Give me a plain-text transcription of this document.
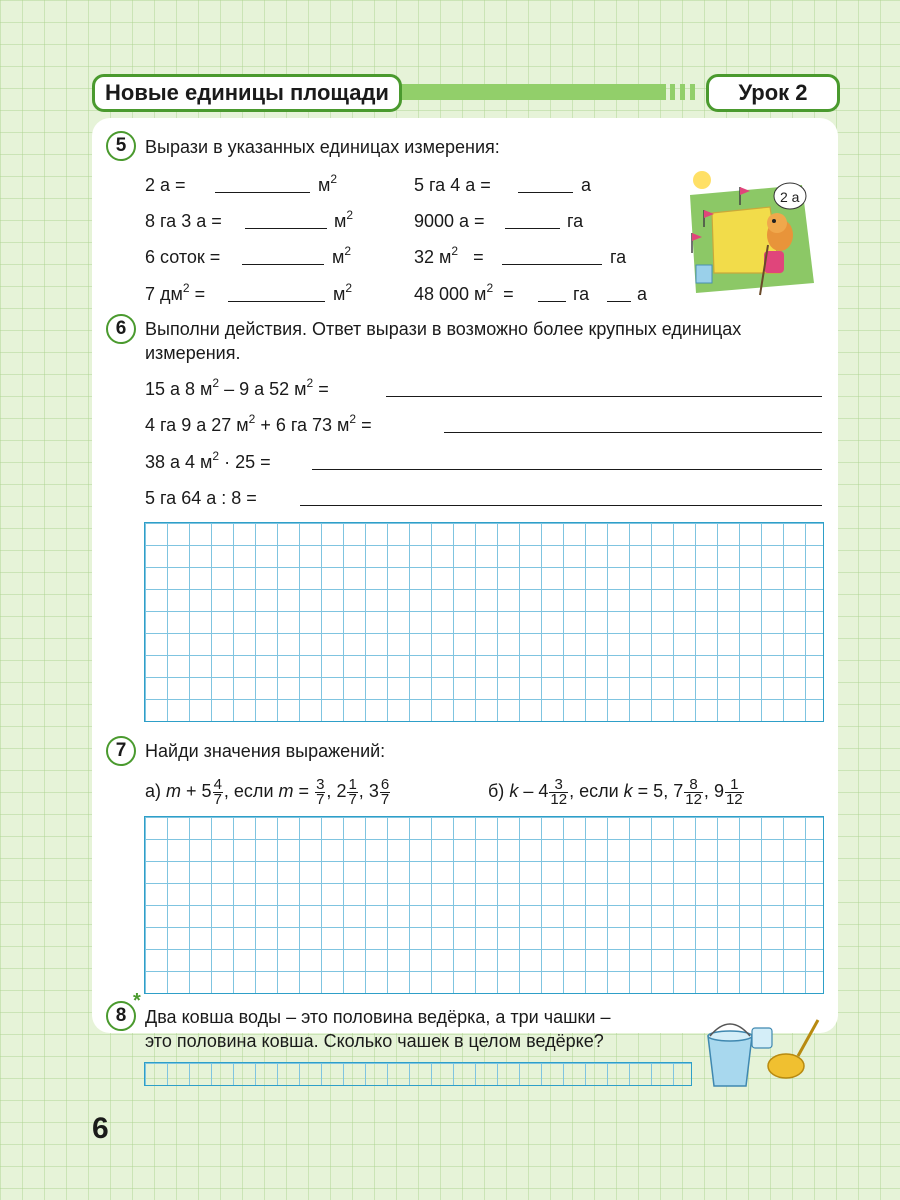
Новые единицы площади	Урок 2
5	Вырази в указанных единицах измерения:
2 а =	$м^2$	5 га 4 а =	а
8 га 3 а =	$м^2$	9000 а =	га
6 соток =	$м^2$	32 $м^2$ =	га
7 $дм^2$ =	$м^2$	48 000 $м^2$ =	га	а
2 а
6	Выполни действия. Ответ вырази в возможно более крупных единицах
измерения.
15 а 8 $м^2 - 9$ а 52 $м^2$ =
4 га 9 а 27 $м^2 + 6$ га 73 $м^2$ =
38 а 4 $м^2 \cdot 25$ =
5 га 64 а : 8 =
7	Найди значения выражений:
а) $m + 5 \frac{4}{7}$ , если $m = \frac{3}{7}$ , $2 \frac{1}{7}$ , $3 \frac{6}{7}$	б) k – $4 \frac{3}{12}$ , если k = 5, $7 \frac{8}{12}$ , $9 \frac{1}{12}$
8
*
Два ковша воды – это половина ведёрка, а три чашки –
это половина ковша. Сколько чашек в целом ведёрке?
6
